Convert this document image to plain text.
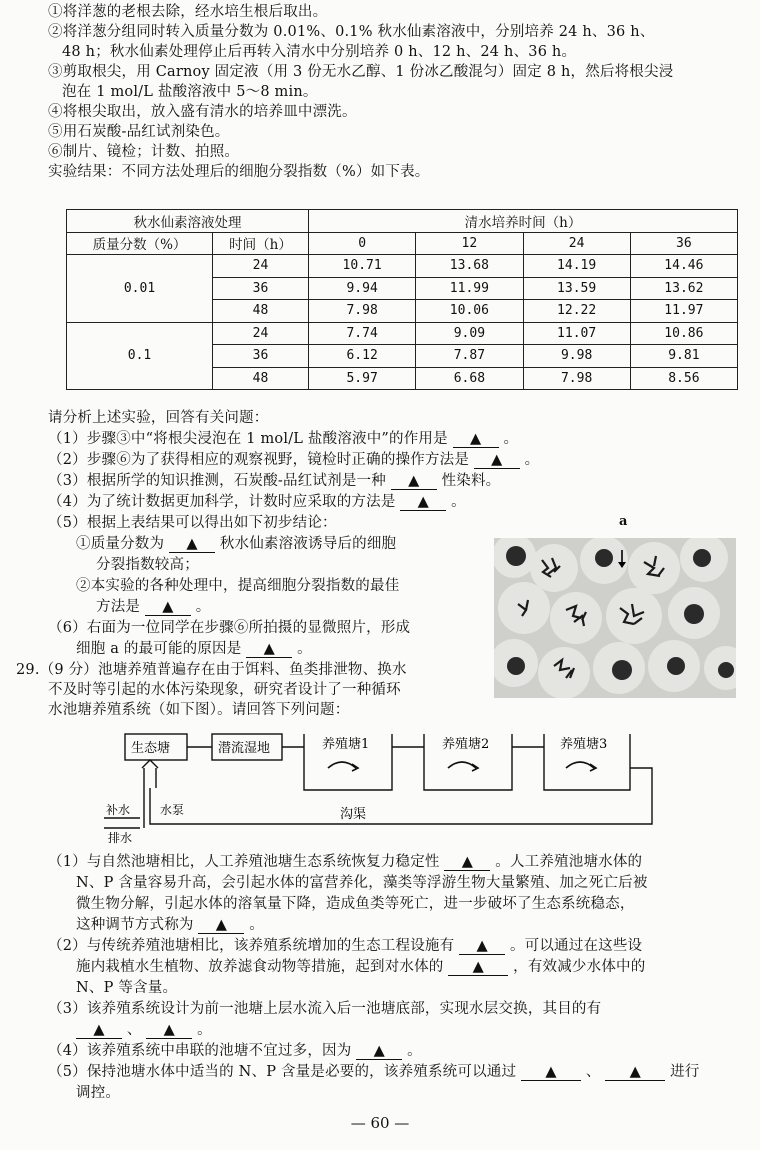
①将洋葱的老根去除，经水培生根后取出。
②将洋葱分组同时转入质量分数为 0.01%、0.1% 秋水仙素溶液中，分别培养 24 h、36 h、
48 h；秋水仙素处理停止后再转入清水中分别培养 0 h、12 h、24 h、36 h。
③剪取根尖，用 Carnoy 固定液（用 3 份无水乙醇、1 份冰乙酸混匀）固定 8 h，然后将根尖浸
泡在 1 mol/L 盐酸溶液中 5～8 min。
④将根尖取出，放入盛有清水的培养皿中漂洗。
⑤用石炭酸-品红试剂染色。
⑥制片、镜检；计数、拍照。
实验结果：不同方法处理后的细胞分裂指数（%）如下表。
秋水仙素溶液处理		清水培养时间（h）			
质量分数（%）	时间（h）	0	12	24	36
0.01	24	10.71	13.68	14.19	14.46
	36	9.94	11.99	13.59	13.62
	48	7.98	10.06	12.22	11.97
0.1	24	7.74	9.09	11.07	10.86
	36	6.12	7.87	9.98	9.81
	48	5.97	6.68	7.98	8.56
请分析上述实验，回答有关问题：
（1）步骤③中“将根尖浸泡在 1 mol/L 盐酸溶液中”的作用是 ▲ 。
（2）步骤⑥为了获得相应的观察视野，镜检时正确的操作方法是 ▲ 。
（3）根据所学的知识推测，石炭酸-品红试剂是一种 ▲ 性染料。
（4）为了统计数据更加科学，计数时应采取的方法是 ▲ 。
（5）根据上表结果可以得出如下初步结论：
①质量分数为 ▲ 秋水仙素溶液诱导后的细胞
分裂指数较高；
②本实验的各种处理中，提高细胞分裂指数的最佳
方法是 ▲ 。
（6）右面为一位同学在步骤⑥所拍摄的显微照片，形成
细胞 a 的最可能的原因是 ▲ 。
a
29.（9 分）池塘养殖普遍存在由于饵料、鱼类排泄物、换水
不及时等引起的水体污染现象，研究者设计了一种循环
水池塘养殖系统（如下图）。请回答下列问题：
生态塘	潜流湿地	养殖塘1	养殖塘2	养殖塘3
补水 水泵
排水
沟渠
（1）与自然池塘相比，人工养殖池塘生态系统恢复力稳定性 ▲ 。人工养殖池塘水体的
N、P 含量容易升高，会引起水体的富营养化，藻类等浮游生物大量繁殖、加之死亡后被
微生物分解，引起水体的溶氧量下降，造成鱼类等死亡，进一步破坏了生态系统稳态，
这种调节方式称为 ▲ 。
（2）与传统养殖池塘相比，该养殖系统增加的生态工程设施有 ▲ 。可以通过在这些设
施内栽植水生植物、放养滤食动物等措施，起到对水体的 ▲ ，有效减少水体中的
N、P 等含量。
（3）该养殖系统设计为前一池塘上层水流入后一池塘底部，实现水层交换，其目的有
▲ 、 ▲ 。
（4）该养殖系统中串联的池塘不宜过多，因为 ▲ 。
（5）保持池塘水体中适当的 N、P 含量是必要的，该养殖系统可以通过 ▲ 、 ▲ 进行
调控。
— 60 —
